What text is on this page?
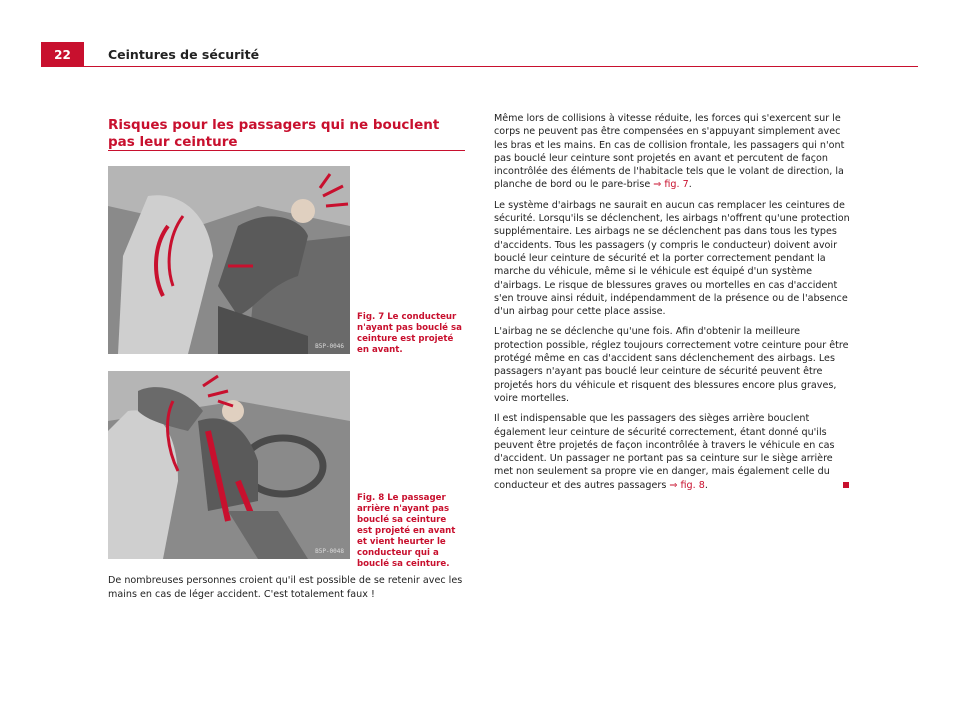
22	Ceintures de sécurité
Risques pour les passagers qui ne bouclent pas leur ceinture
B5P-0046
Fig. 7 Le conducteur n'ayant pas bouclé sa ceinture est projeté en avant.
B5P-0048
Fig. 8 Le passager arrière n'ayant pas bouclé sa ceinture est projeté en avant et vient heurter le conducteur qui a bouclé sa ceinture.
De nombreuses personnes croient qu'il est possible de se retenir avec les mains en cas de léger accident. C'est totalement faux !

Même lors de collisions à vitesse réduite, les forces qui s'exercent sur le corps ne peuvent pas être compensées en s'appuyant simplement avec les bras et les mains. En cas de collision frontale, les passagers qui n'ont pas bouclé leur ceinture sont projetés en avant et percutent de façon incontrôlée des éléments de l'habitacle tels que le volant de direction, la planche de bord ou le pare-brise ⇒ fig. 7.

Le système d'airbags ne saurait en aucun cas remplacer les ceintures de sécurité. Lorsqu'ils se déclenchent, les airbags n'offrent qu'une protection supplémentaire. Les airbags ne se déclenchent pas dans tous les types d'accidents. Tous les passagers (y compris le conducteur) doivent avoir bouclé leur ceinture de sécurité et la porter correctement pendant la marche du véhicule, même si le véhicule est équipé d'un système d'airbags. Le risque de blessures graves ou mortelles en cas d'accident s'en trouve ainsi réduit, indépendamment de la présence ou de l'absence d'un airbag pour cette place assise.

L'airbag ne se déclenche qu'une fois. Afin d'obtenir la meilleure protection possible, réglez toujours correctement votre ceinture pour être protégé même en cas d'accident sans déclenchement des airbags. Les passagers n'ayant pas bouclé leur ceinture de sécurité peuvent être projetés hors du véhicule et risquent des blessures encore plus graves, voire mortelles.

Il est indispensable que les passagers des sièges arrière bouclent également leur ceinture de sécurité correctement, étant donné qu'ils peuvent être projetés de façon incontrôlée à travers le véhicule en cas d'accident. Un passager ne portant pas sa ceinture sur le siège arrière met non seulement sa propre vie en danger, mais également celle du conducteur et des autres passagers ⇒ fig. 8.
